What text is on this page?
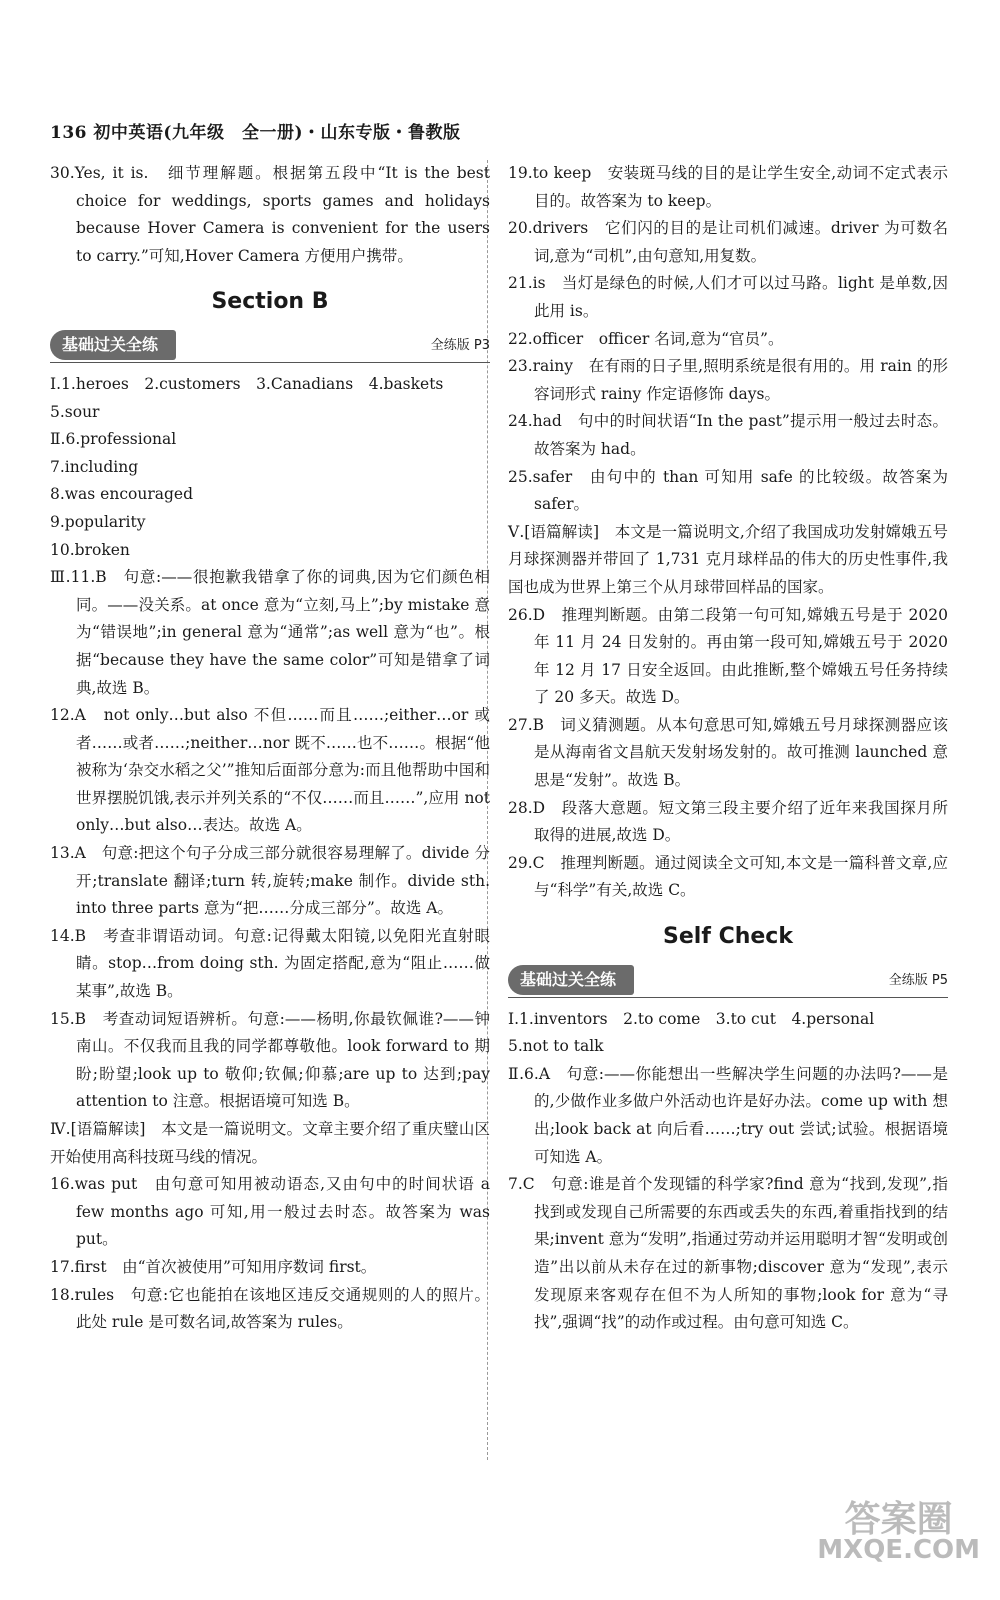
136 初中英语(九年级　全一册)・山东专版・鲁教版

30.Yes, it is.　细节理解题。根据第五段中“It is the best choice for weddings, sports games and holidays because Hover Camera is convenient for the users to carry.”可知,Hover Camera 方便用户携带。

Section B
基础过关全练	全练版 P3

Ⅰ.1.heroes　2.customers　3.Canadians　4.baskets

5.sour

Ⅱ.6.professional

7.including

8.was encouraged

9.popularity

10.broken

Ⅲ.11.B　句意:——很抱歉我错拿了你的词典,因为它们颜色相同。——没关系。at once 意为“立刻,马上”;by mistake 意为“错误地”;in general 意为“通常”;as well 意为“也”。根据“because they have the same color”可知是错拿了词典,故选 B。

12.A　not only…but also 不但……而且……;either…or 或者……或者……;neither…nor 既不……也不……。根据“他被称为‘杂交水稻之父’”推知后面部分意为:而且他帮助中国和世界摆脱饥饿,表示并列关系的“不仅……而且……”,应用 not only…but also…表达。故选 A。

13.A　句意:把这个句子分成三部分就很容易理解了。divide 分开;translate 翻译;turn 转,旋转;make 制作。divide sth. into three parts 意为“把……分成三部分”。故选 A。

14.B　考查非谓语动词。句意:记得戴太阳镜,以免阳光直射眼睛。stop…from doing sth. 为固定搭配,意为“阻止……做某事”,故选 B。

15.B　考查动词短语辨析。句意:——杨明,你最钦佩谁?——钟南山。不仅我而且我的同学都尊敬他。look forward to 期盼;盼望;look up to 敬仰;钦佩;仰慕;are up to 达到;pay attention to 注意。根据语境可知选 B。

Ⅳ.[语篇解读]　本文是一篇说明文。文章主要介绍了重庆璧山区开始使用高科技斑马线的情况。

16.was put　由句意可知用被动语态,又由句中的时间状语 a few months ago 可知,用一般过去时态。故答案为 was put。

17.first　由“首次被使用”可知用序数词 first。

18.rules　句意:它也能拍在该地区违反交通规则的人的照片。此处 rule 是可数名词,故答案为 rules。

19.to keep　安装斑马线的目的是让学生安全,动词不定式表示目的。故答案为 to keep。

20.drivers　它们闪的目的是让司机们减速。driver 为可数名词,意为“司机”,由句意知,用复数。

21.is　当灯是绿色的时候,人们才可以过马路。light 是单数,因此用 is。

22.officer　officer 名词,意为“官员”。

23.rainy　在有雨的日子里,照明系统是很有用的。用 rain 的形容词形式 rainy 作定语修饰 days。

24.had　句中的时间状语“In the past”提示用一般过去时态。故答案为 had。

25.safer　由句中的 than 可知用 safe 的比较级。故答案为 safer。

Ⅴ.[语篇解读]　本文是一篇说明文,介绍了我国成功发射嫦娥五号月球探测器并带回了 1,731 克月球样品的伟大的历史性事件,我国也成为世界上第三个从月球带回样品的国家。

26.D　推理判断题。由第二段第一句可知,嫦娥五号是于 2020 年 11 月 24 日发射的。再由第一段可知,嫦娥五号于 2020 年 12 月 17 日安全返回。由此推断,整个嫦娥五号任务持续了 20 多天。故选 D。

27.B　词义猜测题。从本句意思可知,嫦娥五号月球探测器应该是从海南省文昌航天发射场发射的。故可推测 launched 意思是“发射”。故选 B。

28.D　段落大意题。短文第三段主要介绍了近年来我国探月所取得的进展,故选 D。

29.C　推理判断题。通过阅读全文可知,本文是一篇科普文章,应与“科学”有关,故选 C。

Self Check
基础过关全练	全练版 P5

Ⅰ.1.inventors　2.to come　3.to cut　4.personal

5.not to talk

Ⅱ.6.A　句意:——你能想出一些解决学生问题的办法吗?——是的,少做作业多做户外活动也许是好办法。come up with 想出;look back at 向后看……;try out 尝试;试验。根据语境可知选 A。

7.C　句意:谁是首个发现镭的科学家?find 意为“找到,发现”,指找到或发现自己所需要的东西或丢失的东西,着重指找到的结果;invent 意为“发明”,指通过劳动并运用聪明才智“发明或创造”出以前从未存在过的新事物;discover 意为“发现”,表示发现原来客观存在但不为人所知的事物;look for 意为“寻找”,强调“找”的动作或过程。由句意可知选 C。

答案圈
MXQE.COM
